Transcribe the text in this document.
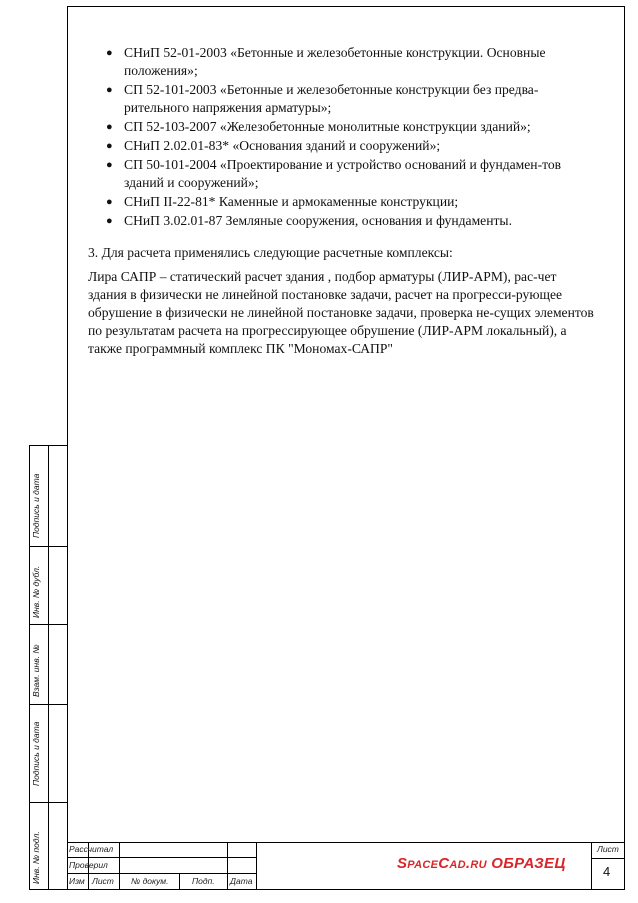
● СНиП 52-01-2003 «Бетонные и железобетонные конструкции. Основные положения»;
● СП 52-101-2003 «Бетонные и железобетонные конструкции без предва-рительного напряжения арматуры»;
● СП 52-103-2007 «Железобетонные монолитные конструкции зданий»;
● СНиП 2.02.01-83* «Основания зданий и сооружений»;
● СП 50-101-2004 «Проектирование и устройство оснований и фундамен-тов зданий и сооружений»;
● СНиП II-22-81* Каменные и армокаменные конструкции;
● СНиП 3.02.01-87 Земляные сооружения, основания и фундаменты.
3. Для расчета применялись следующие расчетные комплексы:
Лира САПР – статический расчет здания , подбор арматуры (ЛИР-АРМ), рас-чет здания в физически не линейной постановке задачи, расчет на прогресси-рующее обрушение в физически не линейной постановке задачи, проверка не-сущих элементов по результатам расчета на прогрессирующее обрушение (ЛИР-АРМ локальный), а также программный комплекс ПК "Мономах-САПР"
Подпись и дата
Инв. № дубл.
Взам. инв. №
Подпись и дата
Инв. № подл.	Рассчитал
Проверил
Изм Лист № докум.	Подп. Дата
SpaceCad.ru ОБРАЗЕЦ
Лист
4
